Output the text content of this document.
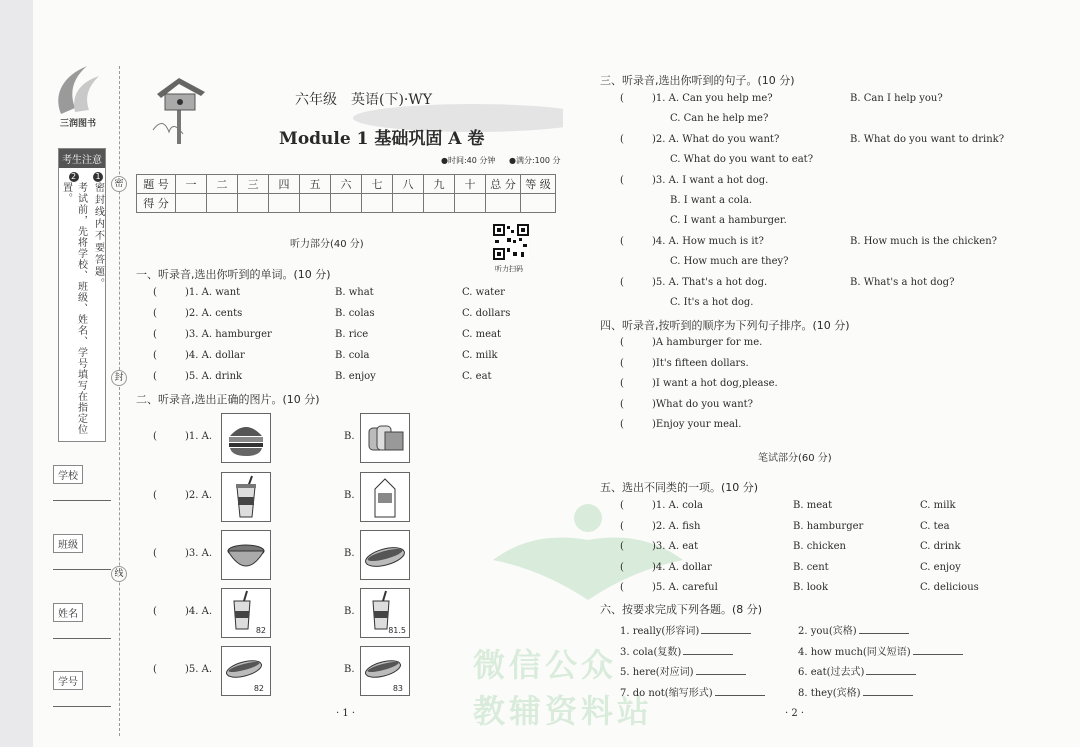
三润图书
考生注意
1
密封线内不要答题。
2
考试前，先将学校、班级、姓名、学号填写在指定位置。	密
封
线
学校
班级
姓名
学号
六年级　英语(下)·WY
Module 1 基础巩固 A 卷
●时间:40 分钟 ●满分:100 分
题 号	一	二	三	四	五	六	七	八	九	十	总 分	等 级
得 分												
听力扫码
听力部分(40 分)
一、听录音,选出你听到的单词。(10 分)
(	)1. A. want	B. what	C. water
(	)2. A. cents	B. colas	C. dollars
(	)3. A. hamburger	B. rice	C. meat
(	)4. A. dollar	B. cola	C. milk
(	)5. A. drink	B. enjoy	C. eat
二、听录音,选出正确的图片。(10 分)
(	)1. A.	B.
(	)2. A.	B.
(	)3. A.	B.
(	)4. A.
82
B.
81.5
(	)5. A.
82
B.
83
· 1 ·
微信公众
教辅资料站
三、听录音,选出你听到的句子。(10 分)
(	)1. A. Can you help me?	B. Can I help you?
C. Can he help me?
(	)2. A. What do you want?	B. What do you want to drink?
C. What do you want to eat?
(	)3. A. I want a hot dog.
B. I want a cola.
C. I want a hamburger.
(	)4. A. How much is it?	B. How much is the chicken?
C. How much are they?
(	)5. A. That's a hot dog.	B. What's a hot dog?
C. It's a hot dog.
四、听录音,按听到的顺序为下列句子排序。(10 分)
(	)A hamburger for me.
(	)It's fifteen dollars.
(	)I want a hot dog,please.
(	)What do you want?
(	)Enjoy your meal.
笔试部分(60 分)
五、选出不同类的一项。(10 分)
(	)1. A. cola	B. meat	C. milk
(	)2. A. fish	B. hamburger	C. tea
(	)3. A. eat	B. chicken	C. drink
(	)4. A. dollar	B. cent	C. enjoy
(	)5. A. careful	B. look	C. delicious
六、按要求完成下列各题。(8 分)
1. really(形容词)	2. you(宾格)
3. cola(复数)	4. how much(同义短语)
5. here(对应词)	6. eat(过去式)
7. do not(缩写形式)	8. they(宾格)
· 2 ·
